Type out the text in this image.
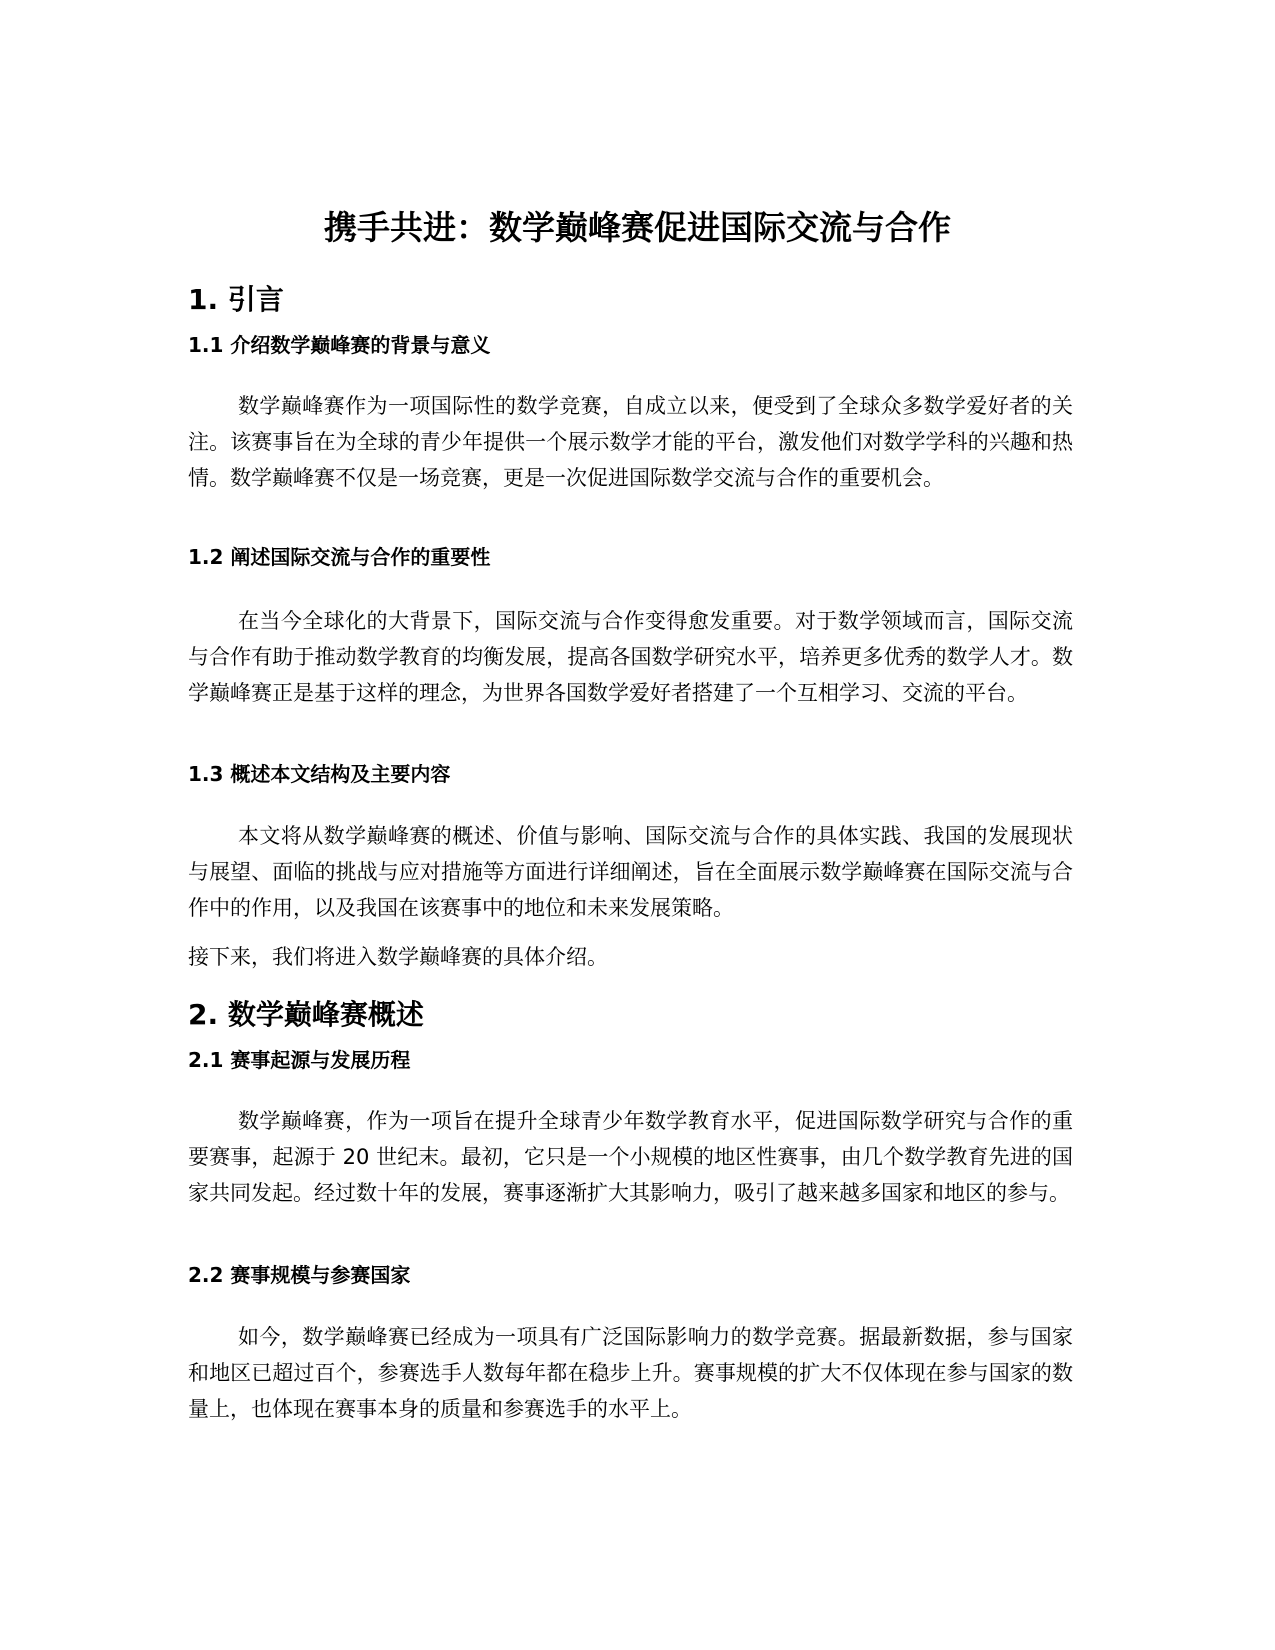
携手共进：数学巅峰赛促进国际交流与合作
1. 引言
1.1 介绍数学巅峰赛的背景与意义

数学巅峰赛作为一项国际性的数学竞赛，自成立以来，便受到了全球众多数学爱好者的关注。该赛事旨在为全球的青少年提供一个展示数学才能的平台，激发他们对数学学科的兴趣和热情。数学巅峰赛不仅是一场竞赛，更是一次促进国际数学交流与合作的重要机会。

1.2 阐述国际交流与合作的重要性

在当今全球化的大背景下，国际交流与合作变得愈发重要。对于数学领域而言，国际交流与合作有助于推动数学教育的均衡发展，提高各国数学研究水平，培养更多优秀的数学人才。数学巅峰赛正是基于这样的理念，为世界各国数学爱好者搭建了一个互相学习、交流的平台。

1.3 概述本文结构及主要内容

本文将从数学巅峰赛的概述、价值与影响、国际交流与合作的具体实践、我国的发展现状与展望、面临的挑战与应对措施等方面进行详细阐述，旨在全面展示数学巅峰赛在国际交流与合作中的作用，以及我国在该赛事中的地位和未来发展策略。

接下来，我们将进入数学巅峰赛的具体介绍。

2. 数学巅峰赛概述
2.1 赛事起源与发展历程

数学巅峰赛，作为一项旨在提升全球青少年数学教育水平，促进国际数学研究与合作的重要赛事，起源于 20 世纪末。最初，它只是一个小规模的地区性赛事，由几个数学教育先进的国家共同发起。经过数十年的发展，赛事逐渐扩大其影响力，吸引了越来越多国家和地区的参与。

2.2 赛事规模与参赛国家

如今，数学巅峰赛已经成为一项具有广泛国际影响力的数学竞赛。据最新数据，参与国家和地区已超过百个，参赛选手人数每年都在稳步上升。赛事规模的扩大不仅体现在参与国家的数量上，也体现在赛事本身的质量和参赛选手的水平上。
